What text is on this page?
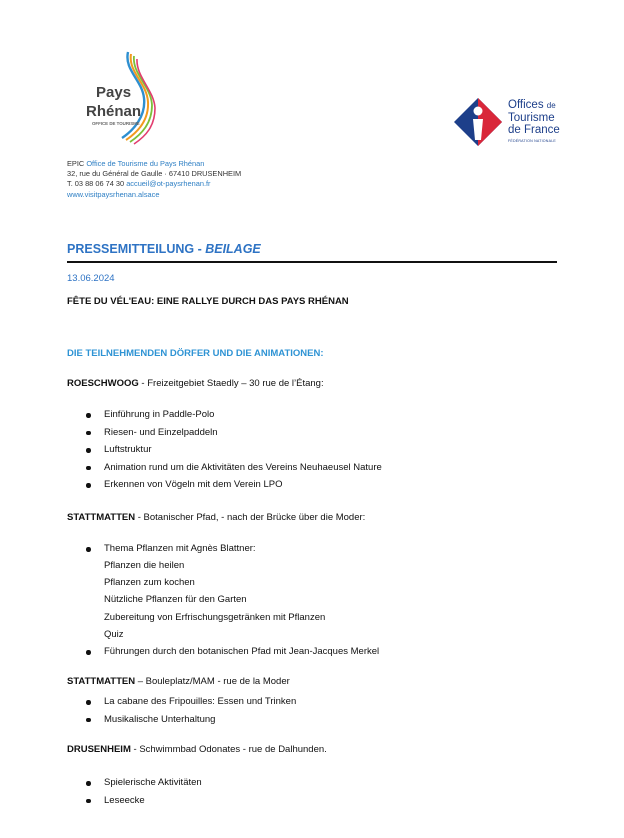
Pays
Rhénan
OFFICE DE TOURISME
Offices de
Tourisme
de France
FÉDÉRATION NATIONALE
EPIC Office de Tourisme du Pays Rhénan
32, rue du Général de Gaulle · 67410 DRUSENHEIM
T. 03 88 06 74 30 accueil@ot-paysrhenan.fr
www.visitpaysrhenan.alsace
PRESSEMITTEILUNG - BEILAGE
13.06.2024
FÊTE DU VÉL'EAU: EINE RALLYE DURCH DAS PAYS RHÉNAN
DIE TEILNEHMENDEN DÖRFER UND DIE ANIMATIONEN:
ROESCHWOOG - Freizeitgebiet Staedly – 30 rue de l’Étang:
Einführung in Paddle-Polo
Riesen- und Einzelpaddeln
Luftstruktur
Animation rund um die Aktivitäten des Vereins Neuhaeusel Nature
Erkennen von Vögeln mit dem Verein LPO
STATTMATTEN - Botanischer Pfad, - nach der Brücke über die Moder:
Thema Pflanzen mit Agnès Blattner:
Pflanzen die heilen
Pflanzen zum kochen
Nützliche Pflanzen für den Garten
Zubereitung von Erfrischungsgetränken mit Pflanzen
Quiz
Führungen durch den botanischen Pfad mit Jean-Jacques Merkel
STATTMATTEN – Bouleplatz/MAM - rue de la Moder
La cabane des Fripouilles: Essen und Trinken
Musikalische Unterhaltung
DRUSENHEIM - Schwimmbad Odonates - rue de Dalhunden.
Spielerische Aktivitäten
Leseecke
